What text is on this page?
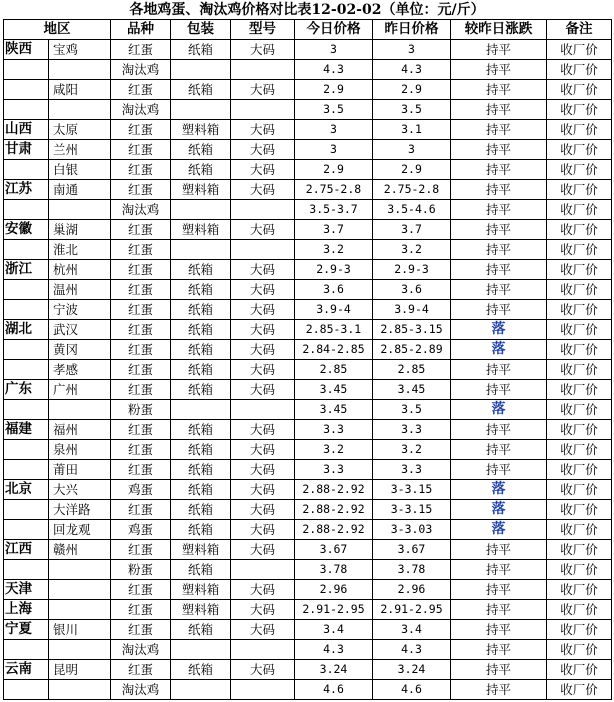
各地鸡蛋、淘汰鸡价格对比表12-02-02（单位：元/斤）
地区		品种	包装	型号	今日价格	昨日价格	较昨日涨跌	备注
陕西	宝鸡	红蛋	纸箱	大码	3	3	持平	收厂价
		淘汰鸡			4.3	4.3	持平	收厂价
	咸阳	红蛋	纸箱	大码	2.9	2.9	持平	收厂价
		淘汰鸡			3.5	3.5	持平	收厂价
山西	太原	红蛋	塑料箱	大码	3	3.1	持平	收厂价
甘肃	兰州	红蛋	纸箱	大码	3	3	持平	收厂价
	白银	红蛋	纸箱	大码	2.9	2.9	持平	收厂价
江苏	南通	红蛋	塑料箱	大码	2.75-2.8	2.75-2.8	持平	收厂价
		淘汰鸡			3.5-3.7	3.5-4.6	持平	收厂价
安徽	巢湖	红蛋	塑料箱	大码	3.7	3.7	持平	收厂价
	淮北	红蛋			3.2	3.2	持平	收厂价
浙江	杭州	红蛋	纸箱	大码	2.9-3	2.9-3	持平	收厂价
	温州	红蛋	纸箱	大码	3.6	3.6	持平	收厂价
	宁波	红蛋	纸箱	大码	3.9-4	3.9-4	持平	收厂价
湖北	武汉	红蛋	纸箱	大码	2.85-3.1	2.85-3.15	落	收厂价
	黄冈	红蛋	纸箱	大码	2.84-2.85	2.85-2.89	落	收厂价
	孝感	红蛋	纸箱	大码	2.85	2.85	持平	收厂价
广东	广州	红蛋	纸箱	大码	3.45	3.45	持平	收厂价
		粉蛋			3.45	3.5	落	收厂价
福建	福州	红蛋	纸箱	大码	3.3	3.3	持平	收厂价
	泉州	红蛋	纸箱	大码	3.2	3.2	持平	收厂价
	莆田	红蛋	纸箱	大码	3.3	3.3	持平	收厂价
北京	大兴	鸡蛋	纸箱	大码	2.88-2.92	3-3.15	落	收厂价
	大洋路	红蛋	纸箱	大码	2.88-2.92	3-3.15	落	收厂价
	回龙观	鸡蛋	纸箱	大码	2.88-2.92	3-3.03	落	收厂价
江西	赣州	红蛋	塑料箱	大码	3.67	3.67	持平	收厂价
		粉蛋	纸箱		3.78	3.78	持平	收厂价
天津		红蛋	塑料箱	大码	2.96	2.96	持平	收厂价
上海		红蛋	塑料箱	大码	2.91-2.95	2.91-2.95	持平	收厂价
宁夏	银川	红蛋	纸箱	大码	3.4	3.4	持平	收厂价
		淘汰鸡			4.3	4.3	持平	收厂价
云南	昆明	红蛋	纸箱	大码	3.24	3.24	持平	收厂价
		淘汰鸡			4.6	4.6	持平	收厂价
